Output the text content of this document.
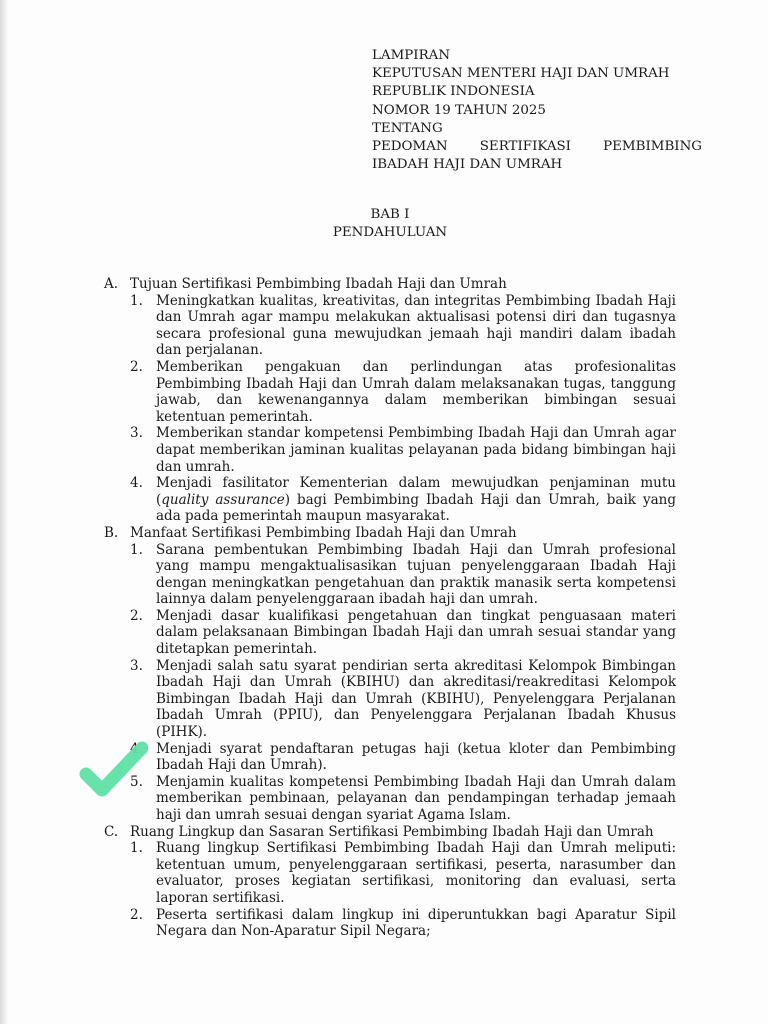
LAMPIRAN
KEPUTUSAN MENTERI HAJI DAN UMRAH
REPUBLIK INDONESIA
NOMOR 19 TAHUN 2025
TENTANG
PEDOMAN SERTIFIKASI PEMBIMBING
IBADAH HAJI DAN UMRAH
BAB I
PENDAHULUAN
A. Tujuan Sertifikasi Pembimbing Ibadah Haji dan Umrah
1. Meningkatkan kualitas, kreativitas, dan integritas Pembimbing Ibadah Haji dan Umrah agar mampu melakukan aktualisasi potensi diri dan tugasnya secara profesional guna mewujudkan jemaah haji mandiri dalam ibadah dan perjalanan.
2. Memberikan pengakuan dan perlindungan atas profesionalitas Pembimbing Ibadah Haji dan Umrah dalam melaksanakan tugas, tanggung jawab, dan kewenangannya dalam memberikan bimbingan sesuai ketentuan pemerintah.
3. Memberikan standar kompetensi Pembimbing Ibadah Haji dan Umrah agar dapat memberikan jaminan kualitas pelayanan pada bidang bimbingan haji dan umrah.
4. Menjadi fasilitator Kementerian dalam mewujudkan penjaminan mutu (quality assurance) bagi Pembimbing Ibadah Haji dan Umrah, baik yang ada pada pemerintah maupun masyarakat.
B. Manfaat Sertifikasi Pembimbing Ibadah Haji dan Umrah
1. Sarana pembentukan Pembimbing Ibadah Haji dan Umrah profesional yang mampu mengaktualisasikan tujuan penyelenggaraan Ibadah Haji dengan meningkatkan pengetahuan dan praktik manasik serta kompetensi lainnya dalam penyelenggaraan ibadah haji dan umrah.
2. Menjadi dasar kualifikasi pengetahuan dan tingkat penguasaan materi dalam pelaksanaan Bimbingan Ibadah Haji dan umrah sesuai standar yang ditetapkan pemerintah.
3. Menjadi salah satu syarat pendirian serta akreditasi Kelompok Bimbingan Ibadah Haji dan Umrah (KBIHU) dan akreditasi/reakreditasi Kelompok Bimbingan Ibadah Haji dan Umrah (KBIHU), Penyelenggara Perjalanan Ibadah Umrah (PPIU), dan Penyelenggara Perjalanan Ibadah Khusus (PIHK).
4. Menjadi syarat pendaftaran petugas haji (ketua kloter dan Pembimbing Ibadah Haji dan Umrah).
5. Menjamin kualitas kompetensi Pembimbing Ibadah Haji dan Umrah dalam memberikan pembinaan, pelayanan dan pendampingan terhadap jemaah haji dan umrah sesuai dengan syariat Agama Islam.
C. Ruang Lingkup dan Sasaran Sertifikasi Pembimbing Ibadah Haji dan Umrah
1. Ruang lingkup Sertifikasi Pembimbing Ibadah Haji dan Umrah meliputi: ketentuan umum, penyelenggaraan sertifikasi, peserta, narasumber dan evaluator, proses kegiatan sertifikasi, monitoring dan evaluasi, serta laporan sertifikasi.
2. Peserta sertifikasi dalam lingkup ini diperuntukkan bagi Aparatur Sipil Negara dan Non-Aparatur Sipil Negara;
